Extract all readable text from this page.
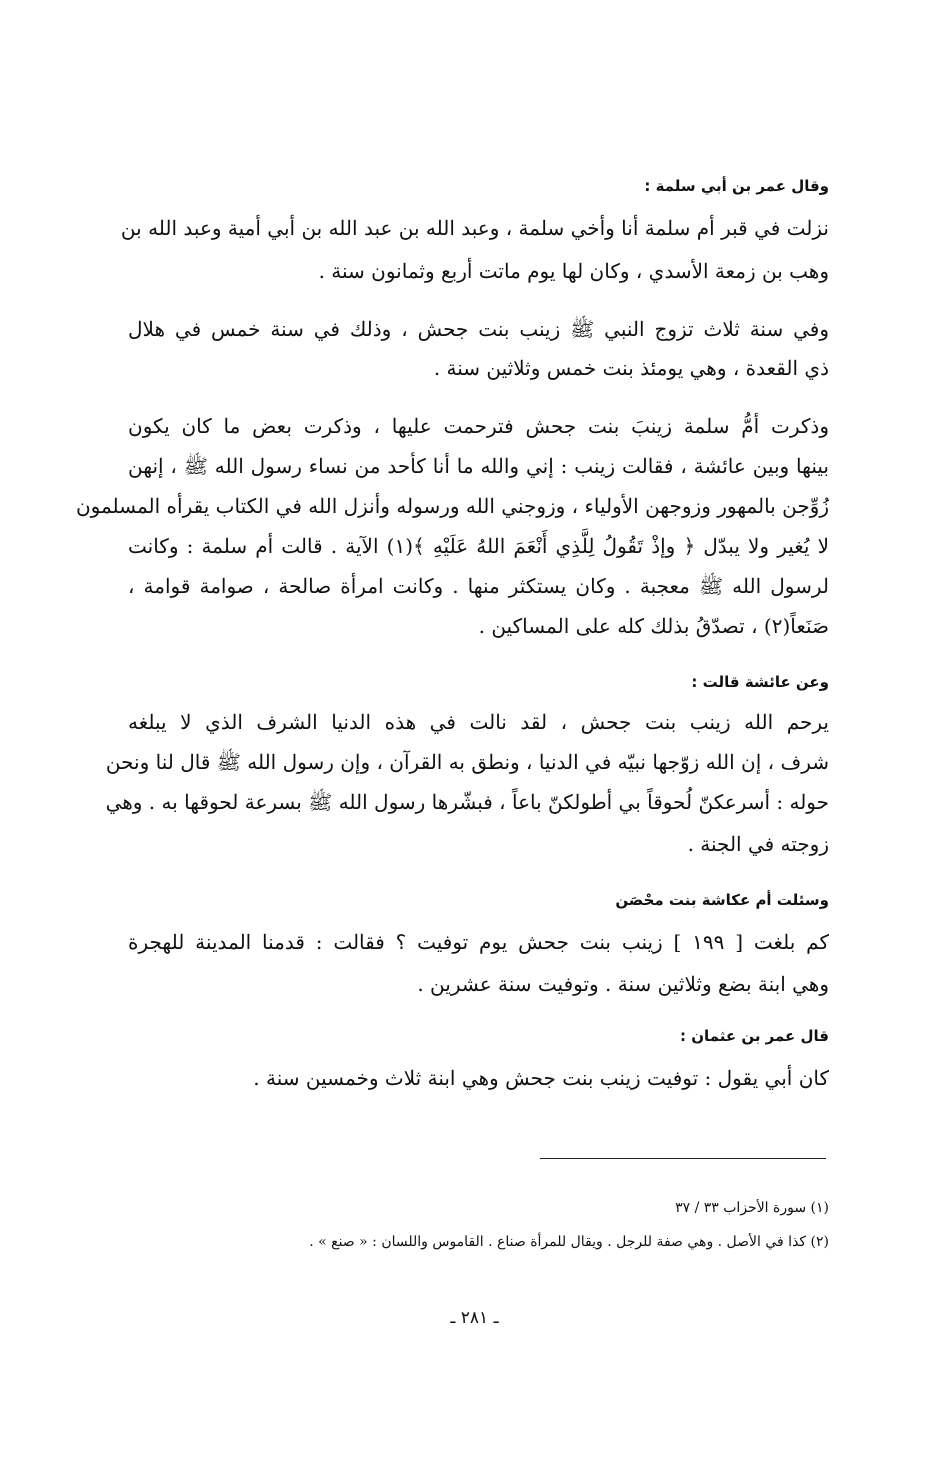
وقال عمر بن أبي سلمة :
نزلت في قبر أم سلمة أنا وأخي سلمة ، وعبد الله بن عبد الله بن أبي أمية وعبد الله بن
وهب بن زمعة الأسدي ، وكان لها يوم ماتت أربع وثمانون سنة .
وفي سنة ثلاث تزوج النبي ﷺ زينب بنت جحش ، وذلك في سنة خمس في هلال
ذي القعدة ، وهي يومئذ بنت خمس وثلاثين سنة .
وذكرت أمُّ سلمة زينبَ بنت جحش فترحمت عليها ، وذكرت بعض ما كان يكون
بينها وبين عائشة ، فقالت زينب : إني والله ما أنا كأحد من نساء رسول الله ﷺ ، إنهن
زُوِّجن بالمهور وزوجهن الأولياء ، وزوجني الله ورسوله وأنزل الله في الكتاب يقرأه المسلمون
لا يُغير ولا يبدّل ﴿ وإذْ تَقُولُ لِلَّذِي أَنْعَمَ اللهُ عَلَيْهِ ﴾(١) الآية . قالت أم سلمة : وكانت
لرسول الله ﷺ معجبة . وكان يستكثر منها . وكانت امرأة صالحة ، صوامة قوامة ،
صَنَعاً(٢) ، تصدّقُ بذلك كله على المساكين .
وعن عائشة قالت :
يرحم الله زينب بنت جحش ، لقد نالت في هذه الدنيا الشرف الذي لا يبلغه
شرف ، إن الله زوّجها نبيّه في الدنيا ، ونطق به القرآن ، وإن رسول الله ﷺ قال لنا ونحن
حوله : أسرعكنّ لُحوقاً بي أطولكنّ باعاً ، فبشّرها رسول الله ﷺ بسرعة لحوقها به . وهي
زوجته في الجنة .
وسئلت أم عكاشة بنت محْصَن
كم بلغت [ ١٩٩ ] زينب بنت جحش يوم توفيت ؟ فقالت : قدمنا المدينة للهجرة
وهي ابنة بضع وثلاثين سنة . وتوفيت سنة عشرين .
قال عمر بن عثمان :
كان أبي يقول : توفيت زينب بنت جحش وهي ابنة ثلاث وخمسين سنة .
(١) سورة الأحزاب ٣٣ / ٣٧
(٢) كذا في الأصل . وهي صفة للرجل . ويقال للمرأة صناع . القاموس واللسان : « صنع » .
ـ ٢٨١ ـ
